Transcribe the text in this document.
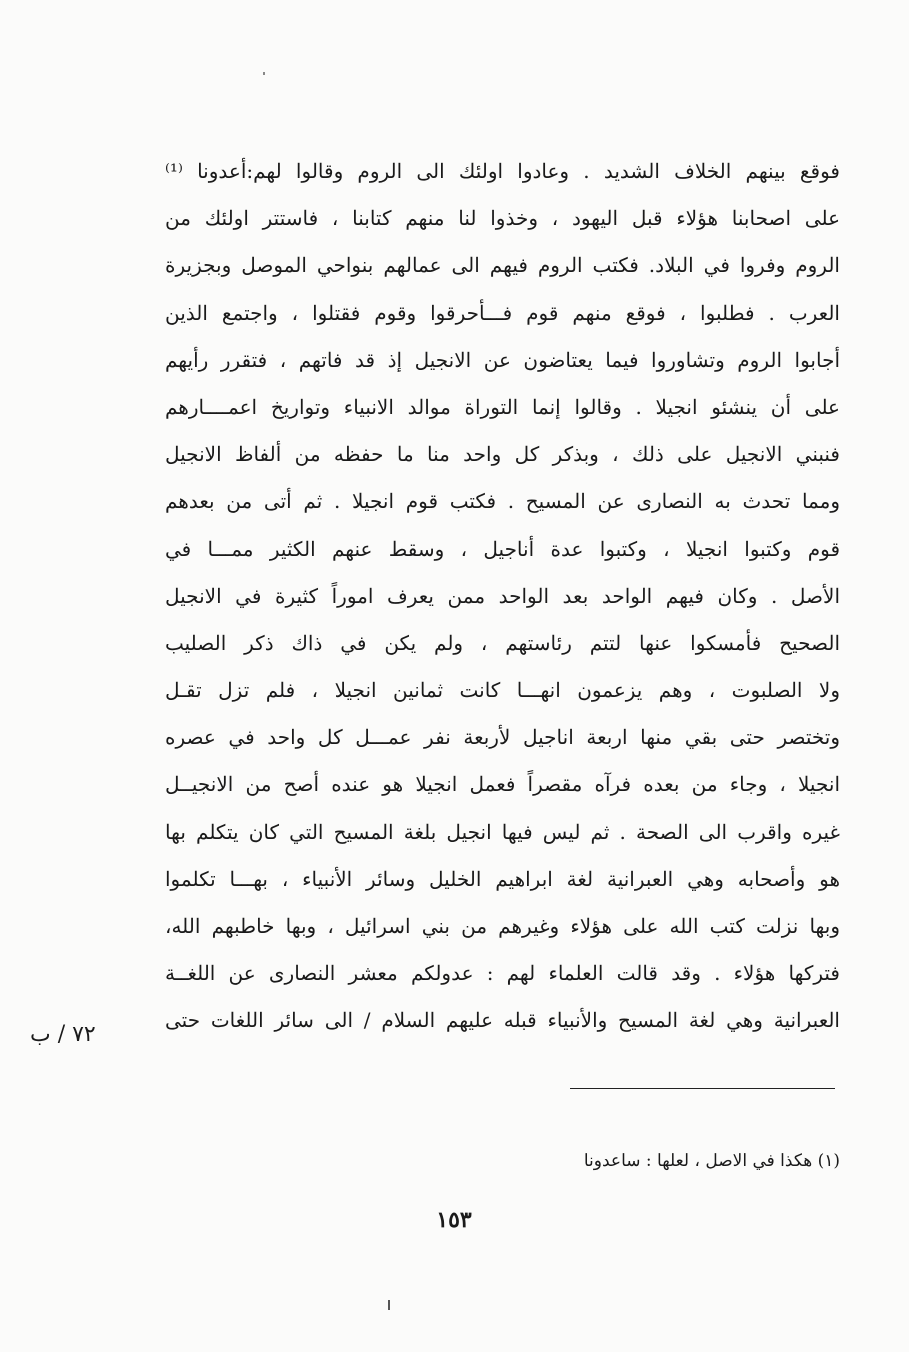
فوقع بينهم الخلاف الشديد . وعادوا اولئك الى الروم وقالوا لهم:أعدونا ⁽¹⁾
على اصحابنا هؤلاء قبل اليهود ، وخذوا لنا منهم كتابنا ، فاستتر اولئك من
الروم وفروا في البلاد. فكتب الروم فيهم الى عمالهم بنواحي الموصل وبجزيرة
العرب . فطلبوا ، فوقع منهم قوم فـــأحرقوا وقوم فقتلوا ، واجتمع الذين
أجابوا الروم وتشاوروا فيما يعتاضون عن الانجيل إذ قد فاتهم ، فتقرر رأيهم
على أن ينشئو انجيلا . وقالوا إنما التوراة موالد الانبياء وتواريخ اعمــــارهم
فنبني الانجيل على ذلك ، وبذكر كل واحد منا ما حفظه من ألفاظ الانجيل
ومما تحدث به النصارى عن المسيح . فكتب قوم انجيلا . ثم أتى من بعدهم
قوم وكتبوا انجيلا ، وكتبوا عدة أناجيل ، وسقط عنهم الكثير ممـــا في
الأصل . وكان فيهم الواحد بعد الواحد ممن يعرف اموراً كثيرة في الانجيل
الصحيح فأمسكوا عنها لتتم رئاستهم ، ولم يكن في ذاك ذكر الصليب
ولا الصلبوت ، وهم يزعمون انهـــا كانت ثمانين انجيلا ، فلم تزل تقـل
وتختصر حتى بقي منها اربعة اناجيل لأربعة نفر عمـــل كل واحد في عصره
انجيلا ، وجاء من بعده فرآه مقصراً فعمل انجيلا هو عنده أصح من الانجيــل
غيره واقرب الى الصحة . ثم ليس فيها انجيل بلغة المسيح التي كان يتكلم بها
هو وأصحابه وهي العبرانية لغة ابراهيم الخليل وسائر الأنبياء ، بهـــا تكلموا
وبها نزلت كتب الله على هؤلاء وغيرهم من بني اسرائيل ، وبها خاطبهم الله،
فتركها هؤلاء . وقد قالت العلماء لهم : عدولكم معشر النصارى عن اللغــة
العبرانية وهي لغة المسيح والأنبياء قبله عليهم السلام / الى سائر اللغات حتى
٧٢ / ب
(١) هكذا في الاصل ، لعلها : ساعدونا
١٥٣
